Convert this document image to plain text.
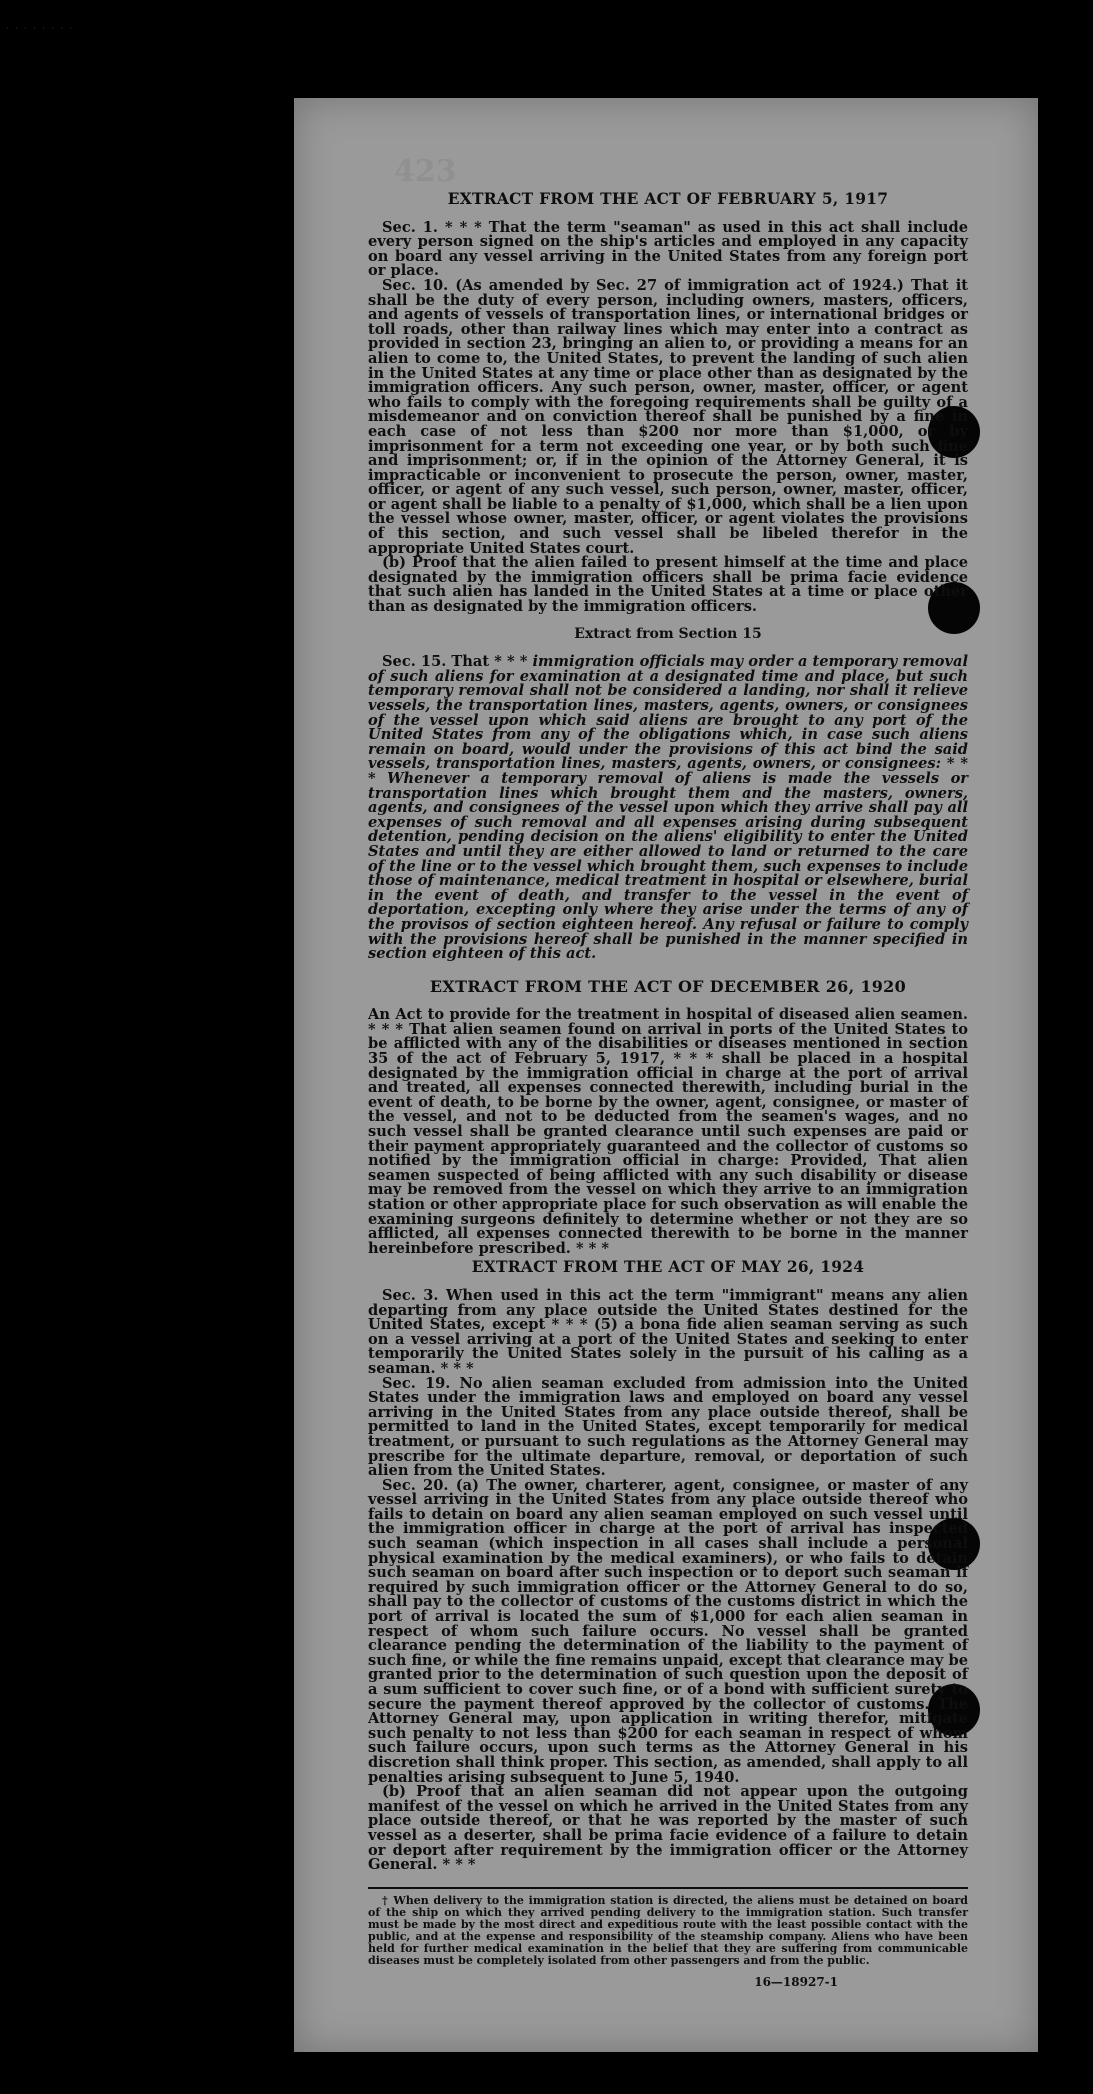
· · · · · · · ·
423
EXTRACT FROM THE ACT OF FEBRUARY 5, 1917

Sec. 1. * * * That the term "seaman" as used in this act shall include every person signed on the ship's articles and employed in any capacity on board any vessel arriving in the United States from any foreign port or place.

Sec. 10. (As amended by Sec. 27 of immigration act of 1924.) That it shall be the duty of every person, including owners, masters, officers, and agents of vessels of transportation lines, or international bridges or toll roads, other than railway lines which may enter into a contract as provided in section 23, bringing an alien to, or providing a means for an alien to come to, the United States, to prevent the landing of such alien in the United States at any time or place other than as designated by the immigration officers. Any such person, owner, master, officer, or agent who fails to comply with the foregoing requirements shall be guilty of a misdemeanor and on conviction thereof shall be punished by a fine in each case of not less than $200 nor more than $1,000, or by imprisonment for a term not exceeding one year, or by both such fine and imprisonment; or, if in the opinion of the Attorney General, it is impracticable or inconvenient to prosecute the person, owner, master, officer, or agent of any such vessel, such person, owner, master, officer, or agent shall be liable to a penalty of $1,000, which shall be a lien upon the vessel whose owner, master, officer, or agent violates the provisions of this section, and such vessel shall be libeled therefor in the appropriate United States court.

(b) Proof that the alien failed to present himself at the time and place designated by the immigration officers shall be prima facie evidence that such alien has landed in the United States at a time or place other than as designated by the immigration officers.

Extract from Section 15

Sec. 15. That * * * immigration officials may order a temporary removal of such aliens for examination at a designated time and place, but such temporary removal shall not be considered a landing, nor shall it relieve vessels, the transportation lines, masters, agents, owners, or consignees of the vessel upon which said aliens are brought to any port of the United States from any of the obligations which, in case such aliens remain on board, would under the provisions of this act bind the said vessels, transportation lines, masters, agents, owners, or consignees: * * * Whenever a temporary removal of aliens is made the vessels or transportation lines which brought them and the masters, owners, agents, and consignees of the vessel upon which they arrive shall pay all expenses of such removal and all expenses arising during subsequent detention, pending decision on the aliens' eligibility to enter the United States and until they are either allowed to land or returned to the care of the line or to the vessel which brought them, such expenses to include those of maintenance, medical treatment in hospital or elsewhere, burial in the event of death, and transfer to the vessel in the event of deportation, excepting only where they arise under the terms of any of the provisos of section eighteen hereof. Any refusal or failure to comply with the provisions hereof shall be punished in the manner specified in section eighteen of this act.

EXTRACT FROM THE ACT OF DECEMBER 26, 1920

An Act to provide for the treatment in hospital of diseased alien seamen. * * * That alien seamen found on arrival in ports of the United States to be afflicted with any of the disabilities or diseases mentioned in section 35 of the act of February 5, 1917, * * * shall be placed in a hospital designated by the immigration official in charge at the port of arrival and treated, all expenses connected therewith, including burial in the event of death, to be borne by the owner, agent, consignee, or master of the vessel, and not to be deducted from the seamen's wages, and no such vessel shall be granted clearance until such expenses are paid or their payment appropriately guaranteed and the collector of customs so notified by the immigration official in charge: Provided, That alien seamen suspected of being afflicted with any such disability or disease may be removed from the vessel on which they arrive to an immigration station or other appropriate place for such observation as will enable the examining surgeons definitely to determine whether or not they are so afflicted, all expenses connected therewith to be borne in the manner hereinbefore prescribed. * * *

EXTRACT FROM THE ACT OF MAY 26, 1924

Sec. 3. When used in this act the term "immigrant" means any alien departing from any place outside the United States destined for the United States, except * * * (5) a bona fide alien seaman serving as such on a vessel arriving at a port of the United States and seeking to enter temporarily the United States solely in the pursuit of his calling as a seaman. * * *

Sec. 19. No alien seaman excluded from admission into the United States under the immigration laws and employed on board any vessel arriving in the United States from any place outside thereof, shall be permitted to land in the United States, except temporarily for medical treatment, or pursuant to such regulations as the Attorney General may prescribe for the ultimate departure, removal, or deportation of such alien from the United States.

Sec. 20. (a) The owner, charterer, agent, consignee, or master of any vessel arriving in the United States from any place outside thereof who fails to detain on board any alien seaman employed on such vessel until the immigration officer in charge at the port of arrival has inspected such seaman (which inspection in all cases shall include a personal physical examination by the medical examiners), or who fails to detain such seaman on board after such inspection or to deport such seaman if required by such immigration officer or the Attorney General to do so, shall pay to the collector of customs of the customs district in which the port of arrival is located the sum of $1,000 for each alien seaman in respect of whom such failure occurs. No vessel shall be granted clearance pending the determination of the liability to the payment of such fine, or while the fine remains unpaid, except that clearance may be granted prior to the determination of such question upon the deposit of a sum sufficient to cover such fine, or of a bond with sufficient surety to secure the payment thereof approved by the collector of customs. The Attorney General may, upon application in writing therefor, mitigate such penalty to not less than $200 for each seaman in respect of whom such failure occurs, upon such terms as the Attorney General in his discretion shall think proper. This section, as amended, shall apply to all penalties arising subsequent to June 5, 1940.

(b) Proof that an alien seaman did not appear upon the outgoing manifest of the vessel on which he arrived in the United States from any place outside thereof, or that he was reported by the master of such vessel as a deserter, shall be prima facie evidence of a failure to detain or deport after requirement by the immigration officer or the Attorney General. * * *

† When delivery to the immigration station is directed, the aliens must be detained on board of the ship on which they arrived pending delivery to the immigration station. Such transfer must be made by the most direct and expeditious route with the least possible contact with the public, and at the expense and responsibility of the steamship company. Aliens who have been held for further medical examination in the belief that they are suffering from communicable diseases must be completely isolated from other passengers and from the public.

16—18927-1
